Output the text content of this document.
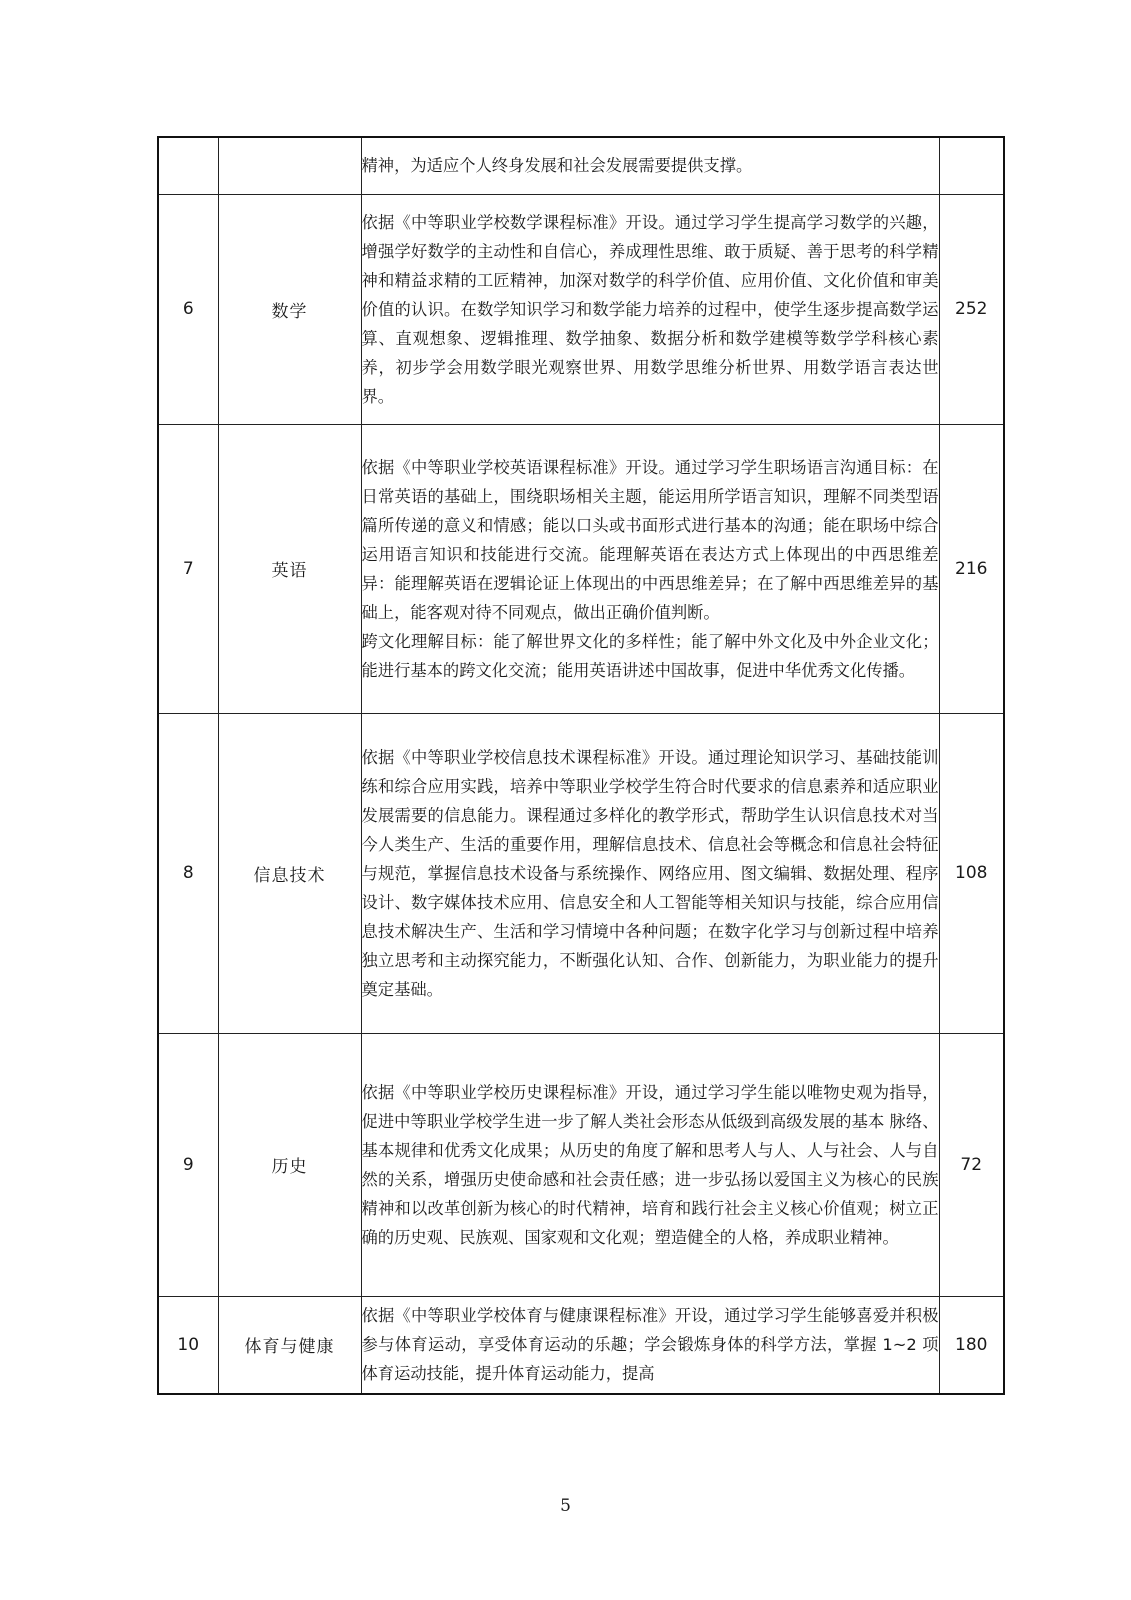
		精神，为适应个人终身发展和社会发展需要提供支撑。	

6	数学	依据《中等职业学校数学课程标准》开设。通过学习学生提高学习数学的兴趣，增强学好数学的主动性和自信心，养成理性思维、敢于质疑、善于思考的科学精神和精益求精的工匠精神，加深对数学的科学价值、应用价值、文化价值和审美价值的认识。在数学知识学习和数学能力培养的过程中，使学生逐步提高数学运算、直观想象、逻辑推理、数学抽象、数据分析和数学建模等数学学科核心素养，初步学会用数学眼光观察世界、用数学思维分析世界、用数学语言表达世界。	252
7	英语	依据《中等职业学校英语课程标准》开设。通过学习学生职场语言沟通目标：在日常英语的基础上，围绕职场相关主题，能运用所学语言知识，理解不同类型语篇所传递的意义和情感；能以口头或书面形式进行基本的沟通；能在职场中综合运用语言知识和技能进行交流。能理解英语在表达方式上体现出的中西思维差异：能理解英语在逻辑论证上体现出的中西思维差异；在了解中西思维差异的基础上，能客观对待不同观点，做出正确价值判断。

跨文化理解目标：能了解世界文化的多样性；能了解中外文化及中外企业文化；能进行基本的跨文化交流；能用英语讲述中国故事，促进中华优秀文化传播。	216
8	信息技术	依据《中等职业学校信息技术课程标准》开设。通过理论知识学习、基础技能训练和综合应用实践，培养中等职业学校学生符合时代要求的信息素养和适应职业发展需要的信息能力。课程通过多样化的教学形式，帮助学生认识信息技术对当今人类生产、生活的重要作用，理解信息技术、信息社会等概念和信息社会特征与规范，掌握信息技术设备与系统操作、网络应用、图文编辑、数据处理、程序设计、数字媒体技术应用、信息安全和人工智能等相关知识与技能，综合应用信息技术解决生产、生活和学习情境中各种问题；在数字化学习与创新过程中培养独立思考和主动探究能力，不断强化认知、合作、创新能力，为职业能力的提升奠定基础。	108
9	历史	依据《中等职业学校历史课程标准》开设，通过学习学生能以唯物史观为指导，促进中等职业学校学生进一步了解人类社会形态从低级到高级发展的基本 脉络、基本规律和优秀文化成果；从历史的角度了解和思考人与人、人与社会、人与自然的关系，增强历史使命感和社会责任感；进一步弘扬以爱国主义为核心的民族精神和以改革创新为核心的时代精神，培育和践行社会主义核心价值观；树立正确的历史观、民族观、国家观和文化观；塑造健全的人格，养成职业精神。	72
10	体育与健康	依据《中等职业学校体育与健康课程标准》开设，通过学习学生能够喜爱并积极参与体育运动，享受体育运动的乐趣；学会锻炼身体的科学方法，掌握 1~2 项体育运动技能，提升体育运动能力，提高	180
5
